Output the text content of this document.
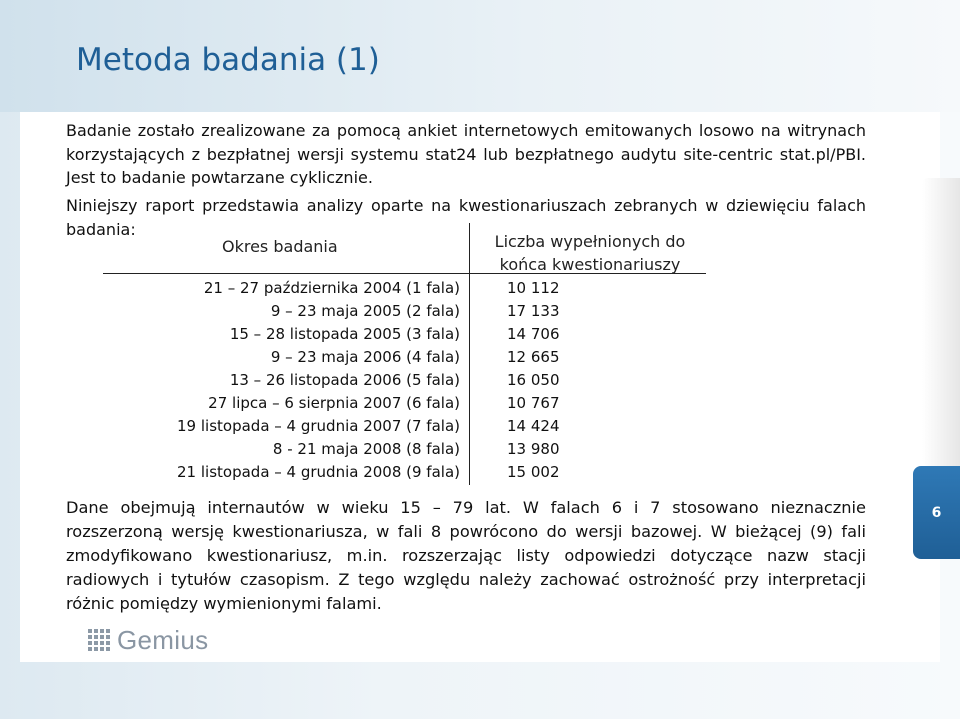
Metoda badania (1)
6

Badanie zostało zrealizowane za pomocą ankiet internetowych emitowanych losowo na witrynach korzystających z bezpłatnej wersji systemu stat24 lub bezpłatnego audytu site-centric stat.pl/PBI. Jest to badanie powtarzane cyklicznie.

Niniejszy raport przedstawia analizy oparte na kwestionariuszach zebranych w dziewięciu falach badania:

Okres badania	Liczba wypełnionych do końca kwestionariuszy
21 – 27 października 2004 (1 fala)	10 112
9 – 23 maja 2005 (2 fala)	17 133
15 – 28 listopada 2005 (3 fala)	14 706
9 – 23 maja 2006 (4 fala)	12 665
13 – 26 listopada 2006 (5 fala)	16 050
27 lipca – 6 sierpnia 2007 (6 fala)	10 767
19 listopada – 4 grudnia 2007 (7 fala)	14 424
8 - 21 maja 2008 (8 fala)	13 980
21 listopada – 4 grudnia 2008 (9 fala)	15 002

Dane obejmują internautów w wieku 15 – 79 lat. W falach 6 i 7 stosowano nieznacznie rozszerzoną wersję kwestionariusza, w fali 8 powrócono do wersji bazowej. W bieżącej (9) fali zmodyfikowano kwestionariusz, m.in. rozszerzając listy odpowiedzi dotyczące nazw stacji radiowych i tytułów czasopism. Z tego względu należy zachować ostrożność przy interpretacji różnic pomiędzy wymienionymi falami.

Gemius
